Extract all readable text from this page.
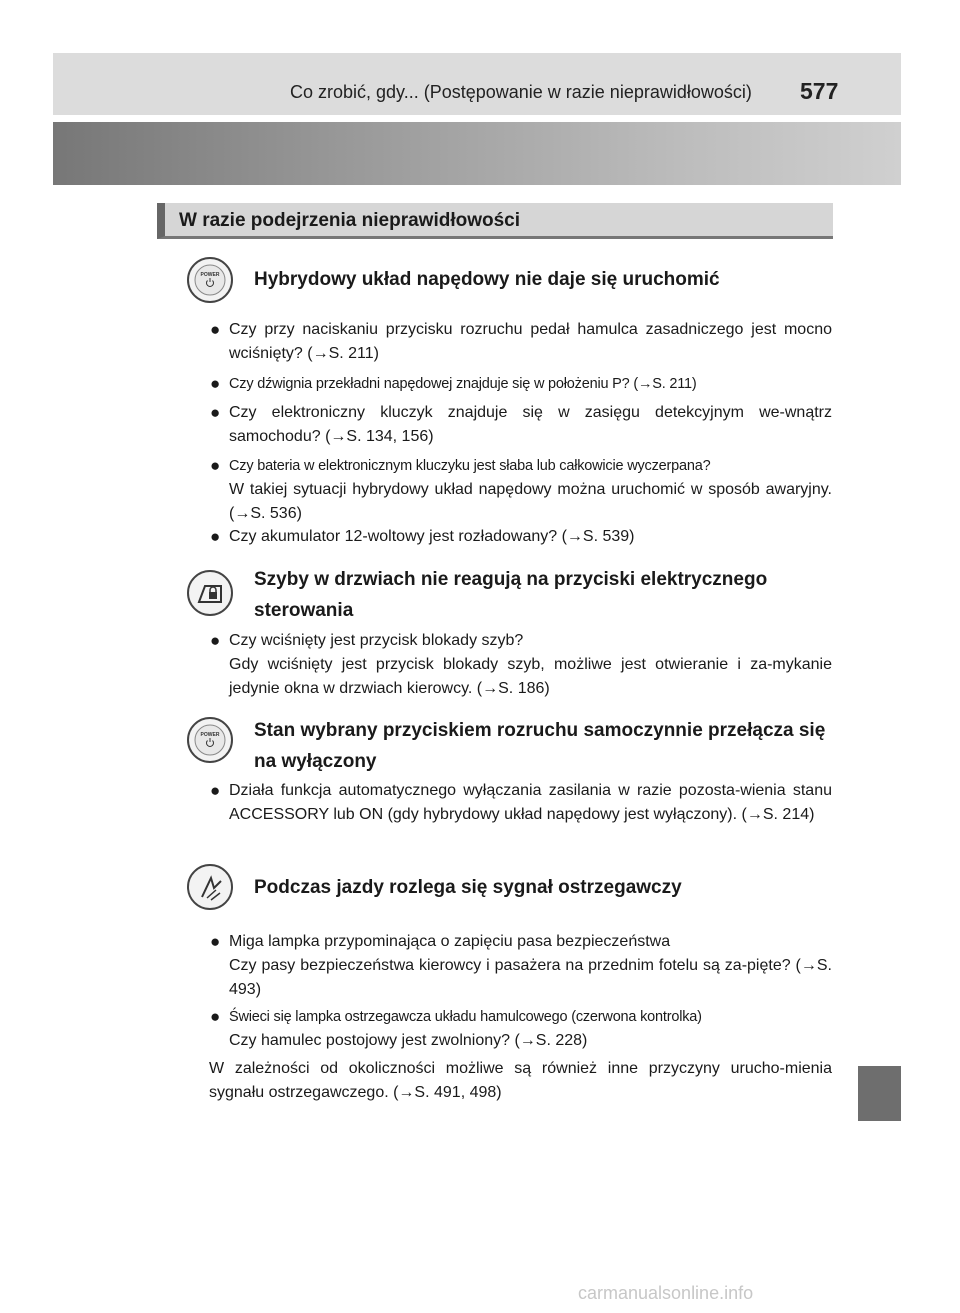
Co zrobić, gdy... (Postępowanie w razie nieprawidłowości) 577
W razie podejrzenia nieprawidłowości
POWER Hybrydowy układ napędowy nie daje się uruchomić
● Czy przy naciskaniu przycisku rozruchu pedał hamulca zasadniczego jest mocno wciśnięty? (→S. 211)
● Czy dźwignia przekładni napędowej znajduje się w położeniu P? (→S. 211)
● Czy elektroniczny kluczyk znajduje się w zasięgu detekcyjnym we-wnątrz samochodu? (→S. 134, 156)
● Czy bateria w elektronicznym kluczyku jest słaba lub całkowicie wyczerpana?
W takiej sytuacji hybrydowy układ napędowy można uruchomić w sposób awaryjny. (→S. 536)
● Czy akumulator 12-woltowy jest rozładowany? (→S. 539)
Szyby w drzwiach nie reagują na przyciski elektrycznego sterowania
● Czy wciśnięty jest przycisk blokady szyb?
Gdy wciśnięty jest przycisk blokady szyb, możliwe jest otwieranie i za-mykanie jedynie okna w drzwiach kierowcy. (→S. 186)
POWER Stan wybrany przyciskiem rozruchu samoczynnie przełącza się na wyłączony
● Działa funkcja automatycznego wyłączania zasilania w razie pozosta-wienia stanu ACCESSORY lub ON (gdy hybrydowy układ napędowy jest wyłączony). (→S. 214)
Podczas jazdy rozlega się sygnał ostrzegawczy
● Miga lampka przypominająca o zapięciu pasa bezpieczeństwa
Czy pasy bezpieczeństwa kierowcy i pasażera na przednim fotelu są za-pięte? (→S. 493)
● Świeci się lampka ostrzegawcza układu hamulcowego (czerwona kontrolka)
Czy hamulec postojowy jest zwolniony? (→S. 228)
W zależności od okoliczności możliwe są również inne przyczyny urucho-mienia sygnału ostrzegawczego. (→S. 491, 498)
carmanualsonline.info
